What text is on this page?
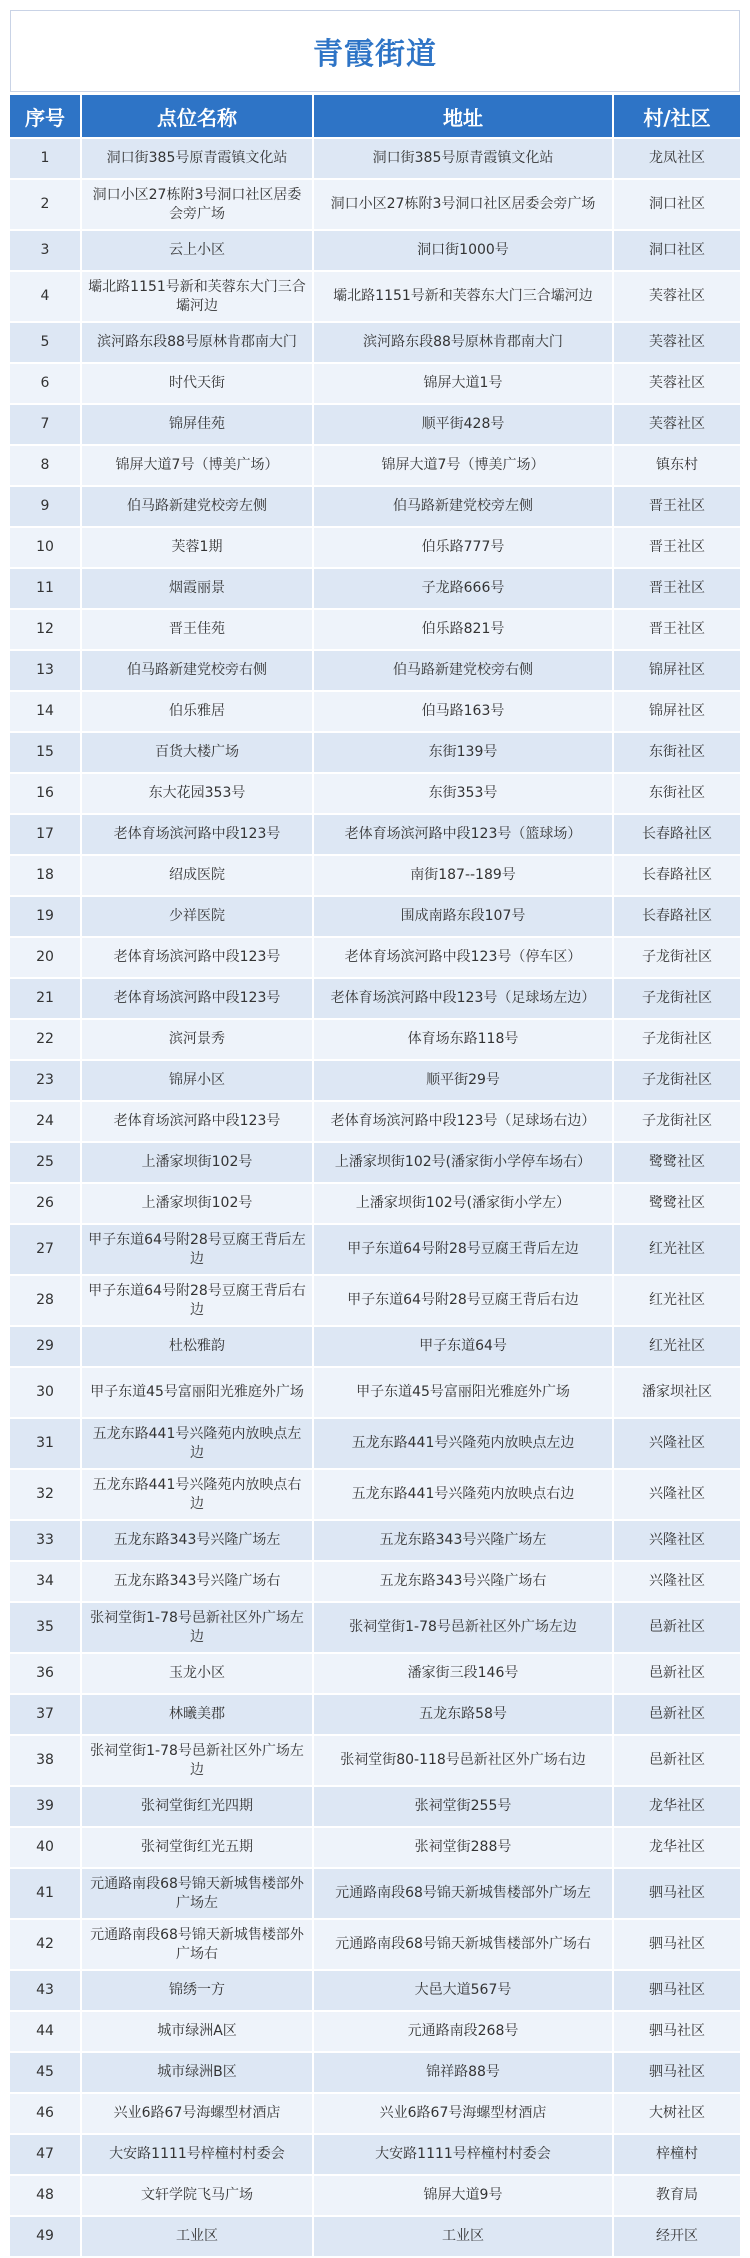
青霞街道
序号	点位名称	地址	村/社区
1	洞口街385号原青霞镇文化站	洞口街385号原青霞镇文化站	龙凤社区
2	洞口小区27栋附3号洞口社区居委会旁广场	洞口小区27栋附3号洞口社区居委会旁广场	洞口社区
3	云上小区	洞口街1000号	洞口社区
4	壩北路1151号新和芙蓉东大门三合壩河边	壩北路1151号新和芙蓉东大门三合壩河边	芙蓉社区
5	滨河路东段88号原林肯郡南大门	滨河路东段88号原林肯郡南大门	芙蓉社区
6	时代天街	锦屏大道1号	芙蓉社区
7	锦屏佳苑	顺平街428号	芙蓉社区
8	锦屏大道7号（博美广场）	锦屏大道7号（博美广场）	镇东村
9	伯马路新建党校旁左侧	伯马路新建党校旁左侧	晋王社区
10	芙蓉1期	伯乐路777号	晋王社区
11	烟霞丽景	子龙路666号	晋王社区
12	晋王佳苑	伯乐路821号	晋王社区
13	伯马路新建党校旁右侧	伯马路新建党校旁右侧	锦屏社区
14	伯乐雅居	伯马路163号	锦屏社区
15	百货大楼广场	东街139号	东街社区
16	东大花园353号	东街353号	东街社区
17	老体育场滨河路中段123号	老体育场滨河路中段123号（篮球场）	长春路社区
18	绍成医院	南街187--189号	长春路社区
19	少祥医院	围成南路东段107号	长春路社区
20	老体育场滨河路中段123号	老体育场滨河路中段123号（停车区）	子龙街社区
21	老体育场滨河路中段123号	老体育场滨河路中段123号（足球场左边）	子龙街社区
22	滨河景秀	体育场东路118号	子龙街社区
23	锦屏小区	顺平街29号	子龙街社区
24	老体育场滨河路中段123号	老体育场滨河路中段123号（足球场右边）	子龙街社区
25	上潘家坝街102号	上潘家坝街102号(潘家街小学停车场右）	鹭鹭社区
26	上潘家坝街102号	上潘家坝街102号(潘家街小学左）	鹭鹭社区
27	甲子东道64号附28号豆腐王背后左边	甲子东道64号附28号豆腐王背后左边	红光社区
28	甲子东道64号附28号豆腐王背后右边	甲子东道64号附28号豆腐王背后右边	红光社区
29	杜松雅韵	甲子东道64号	红光社区
30	甲子东道45号富丽阳光雅庭外广场	甲子东道45号富丽阳光雅庭外广场	潘家坝社区
31	五龙东路441号兴隆苑内放映点左边	五龙东路441号兴隆苑内放映点左边	兴隆社区
32	五龙东路441号兴隆苑内放映点右边	五龙东路441号兴隆苑内放映点右边	兴隆社区
33	五龙东路343号兴隆广场左	五龙东路343号兴隆广场左	兴隆社区
34	五龙东路343号兴隆广场右	五龙东路343号兴隆广场右	兴隆社区
35	张祠堂街1-78号邑新社区外广场左边	张祠堂街1-78号邑新社区外广场左边	邑新社区
36	玉龙小区	潘家街三段146号	邑新社区
37	林曦美郡	五龙东路58号	邑新社区
38	张祠堂街1-78号邑新社区外广场左边	张祠堂街80-118号邑新社区外广场右边	邑新社区
39	张祠堂街红光四期	张祠堂街255号	龙华社区
40	张祠堂街红光五期	张祠堂街288号	龙华社区
41	元通路南段68号锦天新城售楼部外广场左	元通路南段68号锦天新城售楼部外广场左	驷马社区
42	元通路南段68号锦天新城售楼部外广场右	元通路南段68号锦天新城售楼部外广场右	驷马社区
43	锦绣一方	大邑大道567号	驷马社区
44	城市绿洲A区	元通路南段268号	驷马社区
45	城市绿洲B区	锦祥路88号	驷马社区
46	兴业6路67号海螺型材酒店	兴业6路67号海螺型材酒店	大树社区
47	大安路1111号梓橦村村委会	大安路1111号梓橦村村委会	梓橦村
48	文轩学院飞马广场	锦屏大道9号	教育局
49	工业区	工业区	经开区
